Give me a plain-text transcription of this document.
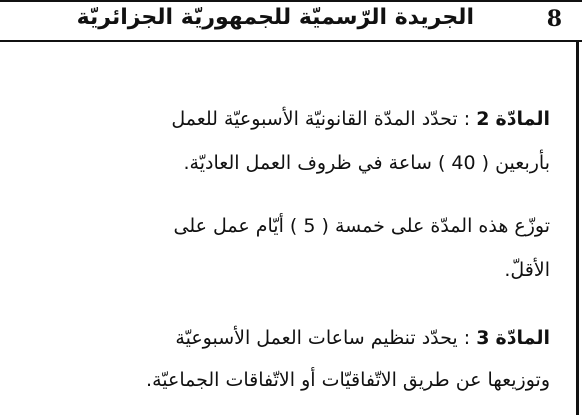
الجريدة الرّسميّة للجمهوريّة الجزائريّة	8
المادّة 2 : تحدّد المدّة القانونيّة الأسبوعيّة للعمل
بأربعين ( 40 ) ساعة في ظروف العمل العاديّة.
توزّع هذه المدّة على خمسة ( 5 ) أيّام عمل على
الأقلّ.
المادّة 3 : يحدّد تنظيم ساعات العمل الأسبوعيّة
وتوزيعها عن طريق الاتّفاقيّات أو الاتّفاقات الجماعيّة.
